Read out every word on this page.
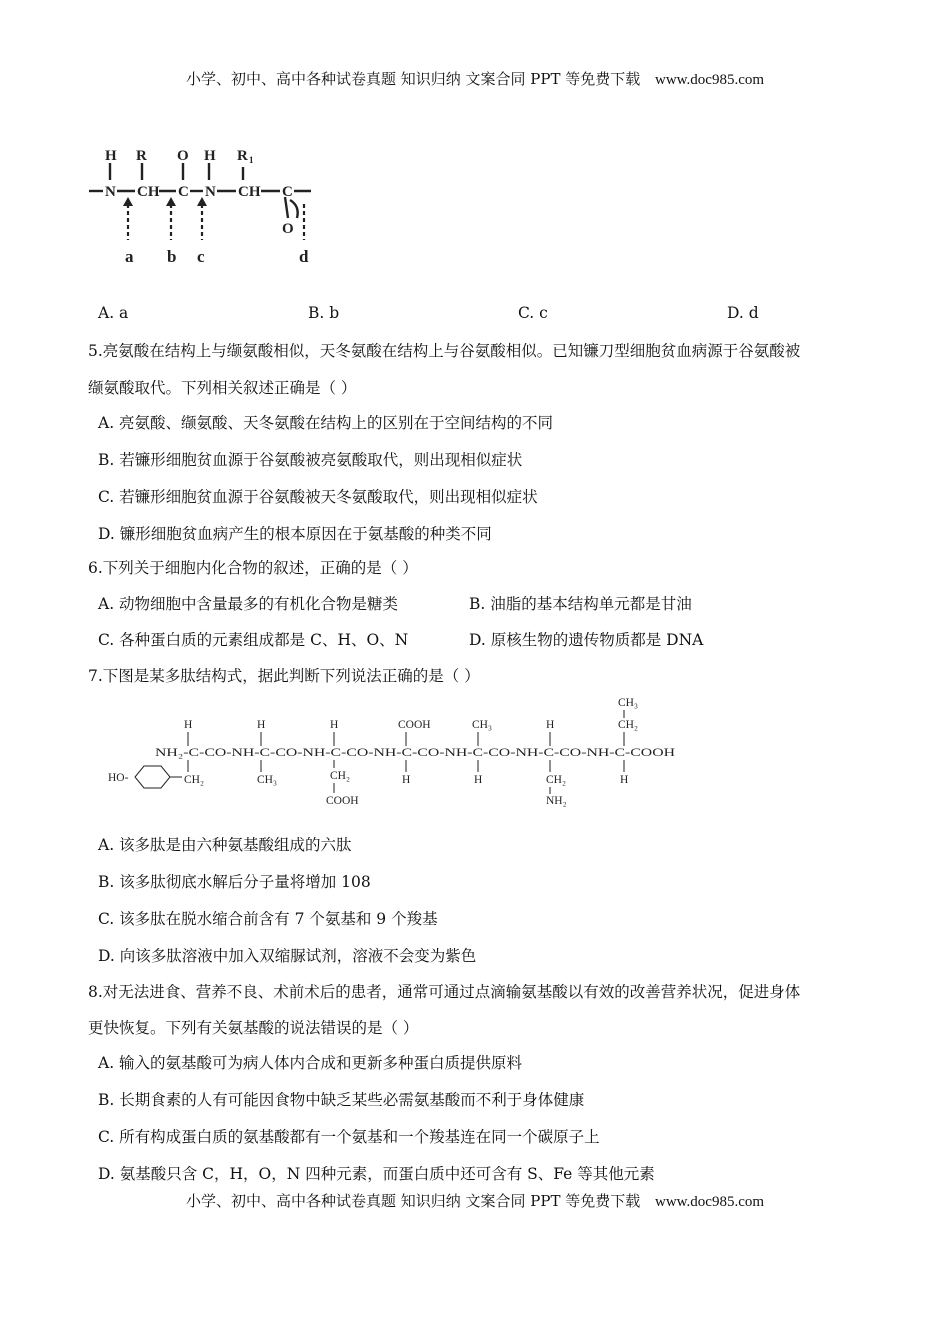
小学、初中、高中各种试卷真题 知识归纳 文案合同 PPT 等免费下载 www.doc985.com
H R O H R 1
N CH C N CH C
O
a b c	d
A. a	B. b	C. c	D. d
5.亮氨酸在结构上与缬氨酸相似，天冬氨酸在结构上与谷氨酸相似。已知镰刀型细胞贫血病源于谷氨酸被
缬氨酸取代。下列相关叙述正确是（ ）
A. 亮氨酸、缬氨酸、天冬氨酸在结构上的区别在于空间结构的不同
B. 若镰形细胞贫血源于谷氨酸被亮氨酸取代，则出现相似症状
C. 若镰形细胞贫血源于谷氨酸被天冬氨酸取代，则出现相似症状
D. 镰形细胞贫血病产生的根本原因在于氨基酸的种类不同
6.下列关于细胞内化合物的叙述，正确的是（ ）
A. 动物细胞中含量最多的有机化合物是糖类	B. 油脂的基本结构单元都是甘油
C. 各种蛋白质的元素组成都是 C、H、O、N	D. 原核生物的遗传物质都是 DNA
7.下图是某多肽结构式，据此判断下列说法正确的是（ ）
NH₂-C-CO-NH-C-CO-NH-C-CO-NH-C-CO-NH-C-CO-NH-C-CO-NH-C-COOH
H	H	H	COOH	CH₃	H	CH₂
CH₃
CH₂	CH₃	CH₂
COOH
H	H	CH₂
NH₂
H
HO-
A. 该多肽是由六种氨基酸组成的六肽
B. 该多肽彻底水解后分子量将增加 108
C. 该多肽在脱水缩合前含有 7 个氨基和 9 个羧基
D. 向该多肽溶液中加入双缩脲试剂，溶液不会变为紫色
8.对无法进食、营养不良、术前术后的患者，通常可通过点滴输氨基酸以有效的改善营养状况，促进身体
更快恢复。下列有关氨基酸的说法错误的是（ ）
A. 输入的氨基酸可为病人体内合成和更新多种蛋白质提供原料
B. 长期食素的人有可能因食物中缺乏某些必需氨基酸而不利于身体健康
C. 所有构成蛋白质的氨基酸都有一个氨基和一个羧基连在同一个碳原子上
D. 氨基酸只含 C，H，O，N 四种元素，而蛋白质中还可含有 S、Fe 等其他元素
小学、初中、高中各种试卷真题 知识归纳 文案合同 PPT 等免费下载 www.doc985.com
